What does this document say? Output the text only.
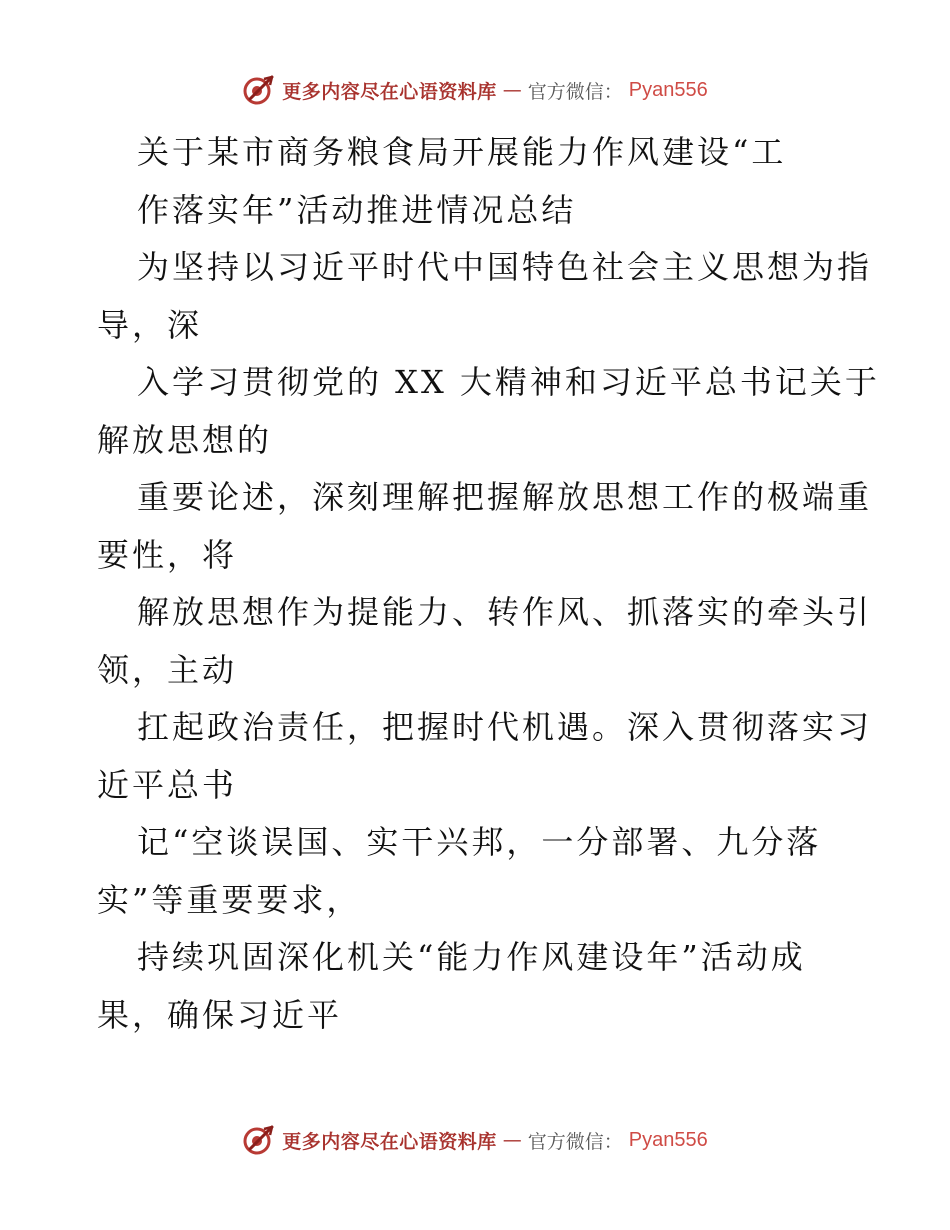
更多内容尽在心语资料库 — 官方微信： Pyan556
关于某市商务粮食局开展能力作风建设“工
作落实年”活动推进情况总结
为坚持以习近平时代中国特色社会主义思想为指
导，深
入学习贯彻党的 XX 大精神和习近平总书记关于
解放思想的
重要论述，深刻理解把握解放思想工作的极端重
要性，将
解放思想作为提能力、转作风、抓落实的牵头引
领，主动
扛起政治责任，把握时代机遇。深入贯彻落实习
近平总书
记“空谈误国、实干兴邦，一分部署、九分落
实”等重要要求，
持续巩固深化机关“能力作风建设年”活动成
果，确保习近平
更多内容尽在心语资料库 — 官方微信： Pyan556
